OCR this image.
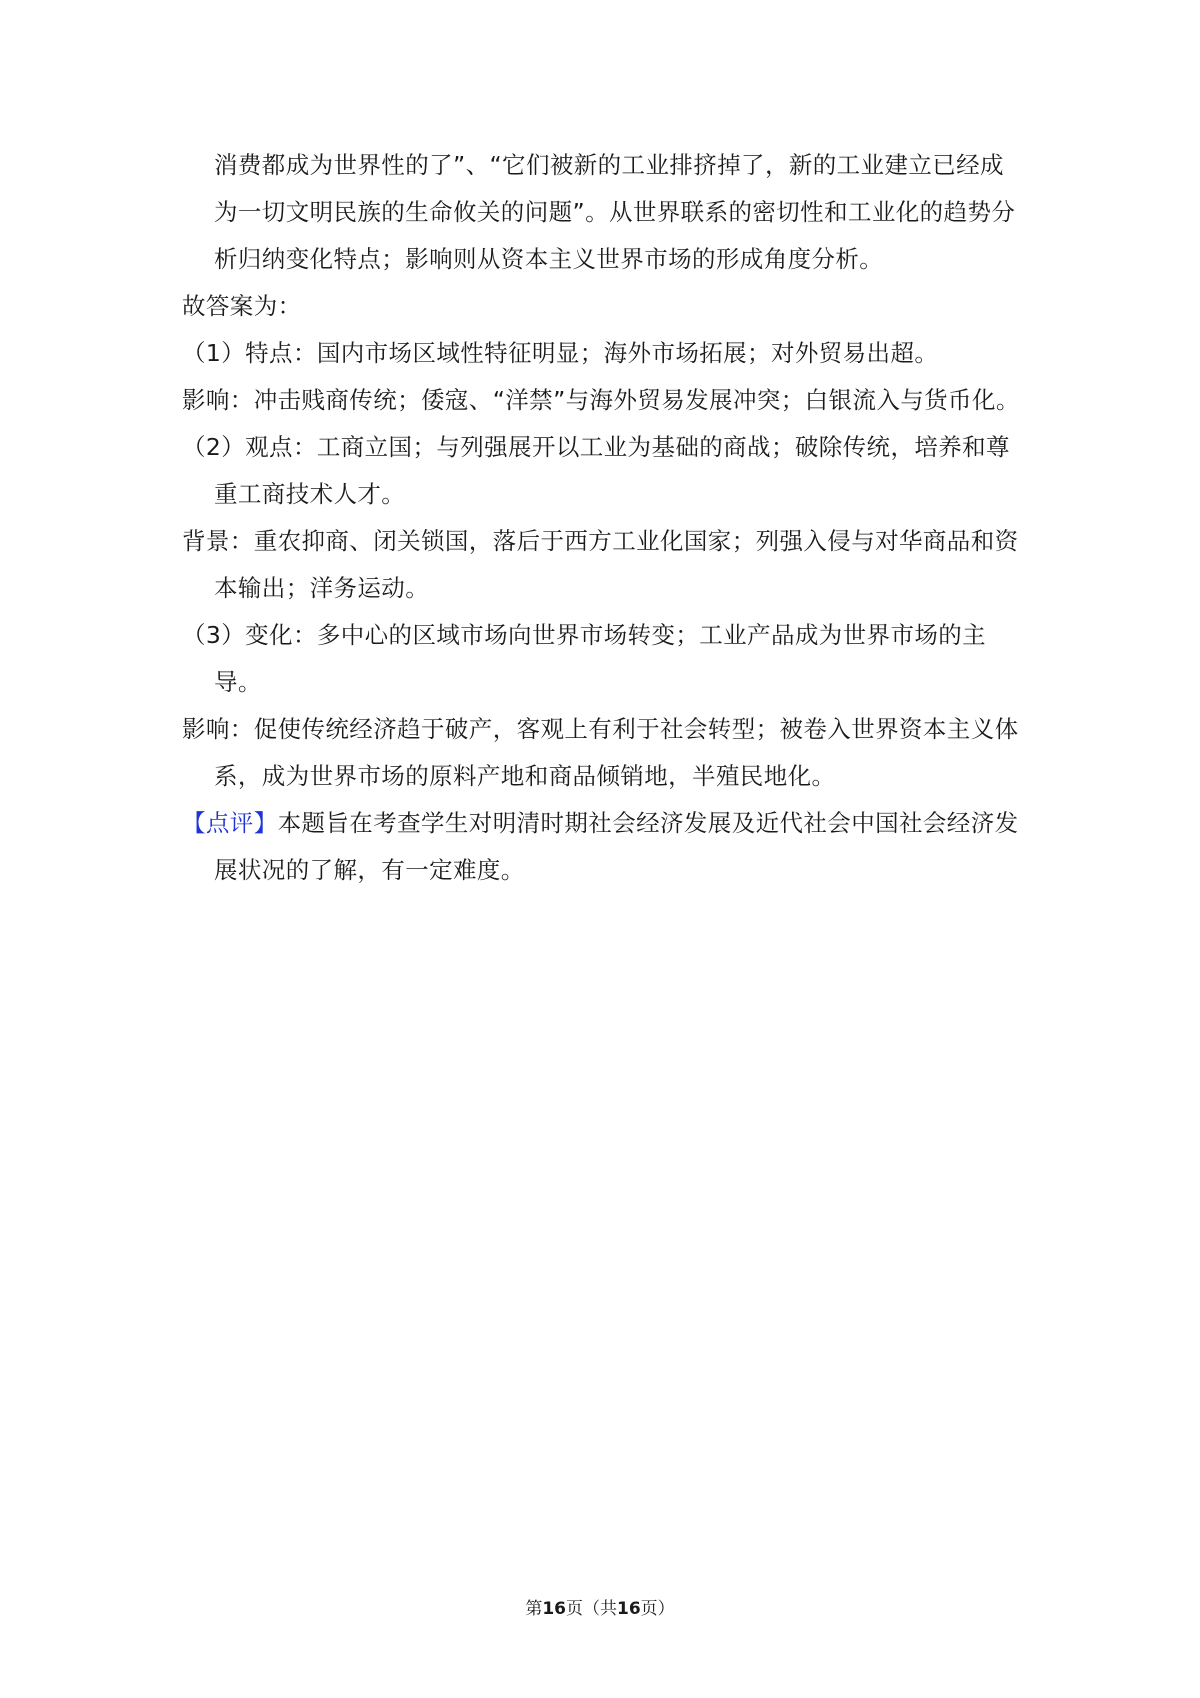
消费都成为世界性的了”、“它们被新的工业排挤掉了，新的工业建立已经成为一切文明民族的生命攸关的问题”。从世界联系的密切性和工业化的趋势分析归纳变化特点；影响则从资本主义世界市场的形成角度分析。

故答案为：

（1）特点：国内市场区域性特征明显；海外市场拓展；对外贸易出超。

影响：冲击贱商传统；倭寇、“洋禁”与海外贸易发展冲突；白银流入与货币化。

（2）观点：工商立国；与列强展开以工业为基础的商战；破除传统，培养和尊重工商技术人才。

背景：重农抑商、闭关锁国，落后于西方工业化国家；列强入侵与对华商品和资本输出；洋务运动。

（3）变化：多中心的区域市场向世界市场转变；工业产品成为世界市场的主导。

影响：促使传统经济趋于破产，客观上有利于社会转型；被卷入世界资本主义体系，成为世界市场的原料产地和商品倾销地，半殖民地化。

【点评】本题旨在考查学生对明清时期社会经济发展及近代社会中国社会经济发展状况的了解，有一定难度。

第16页（共16页）
